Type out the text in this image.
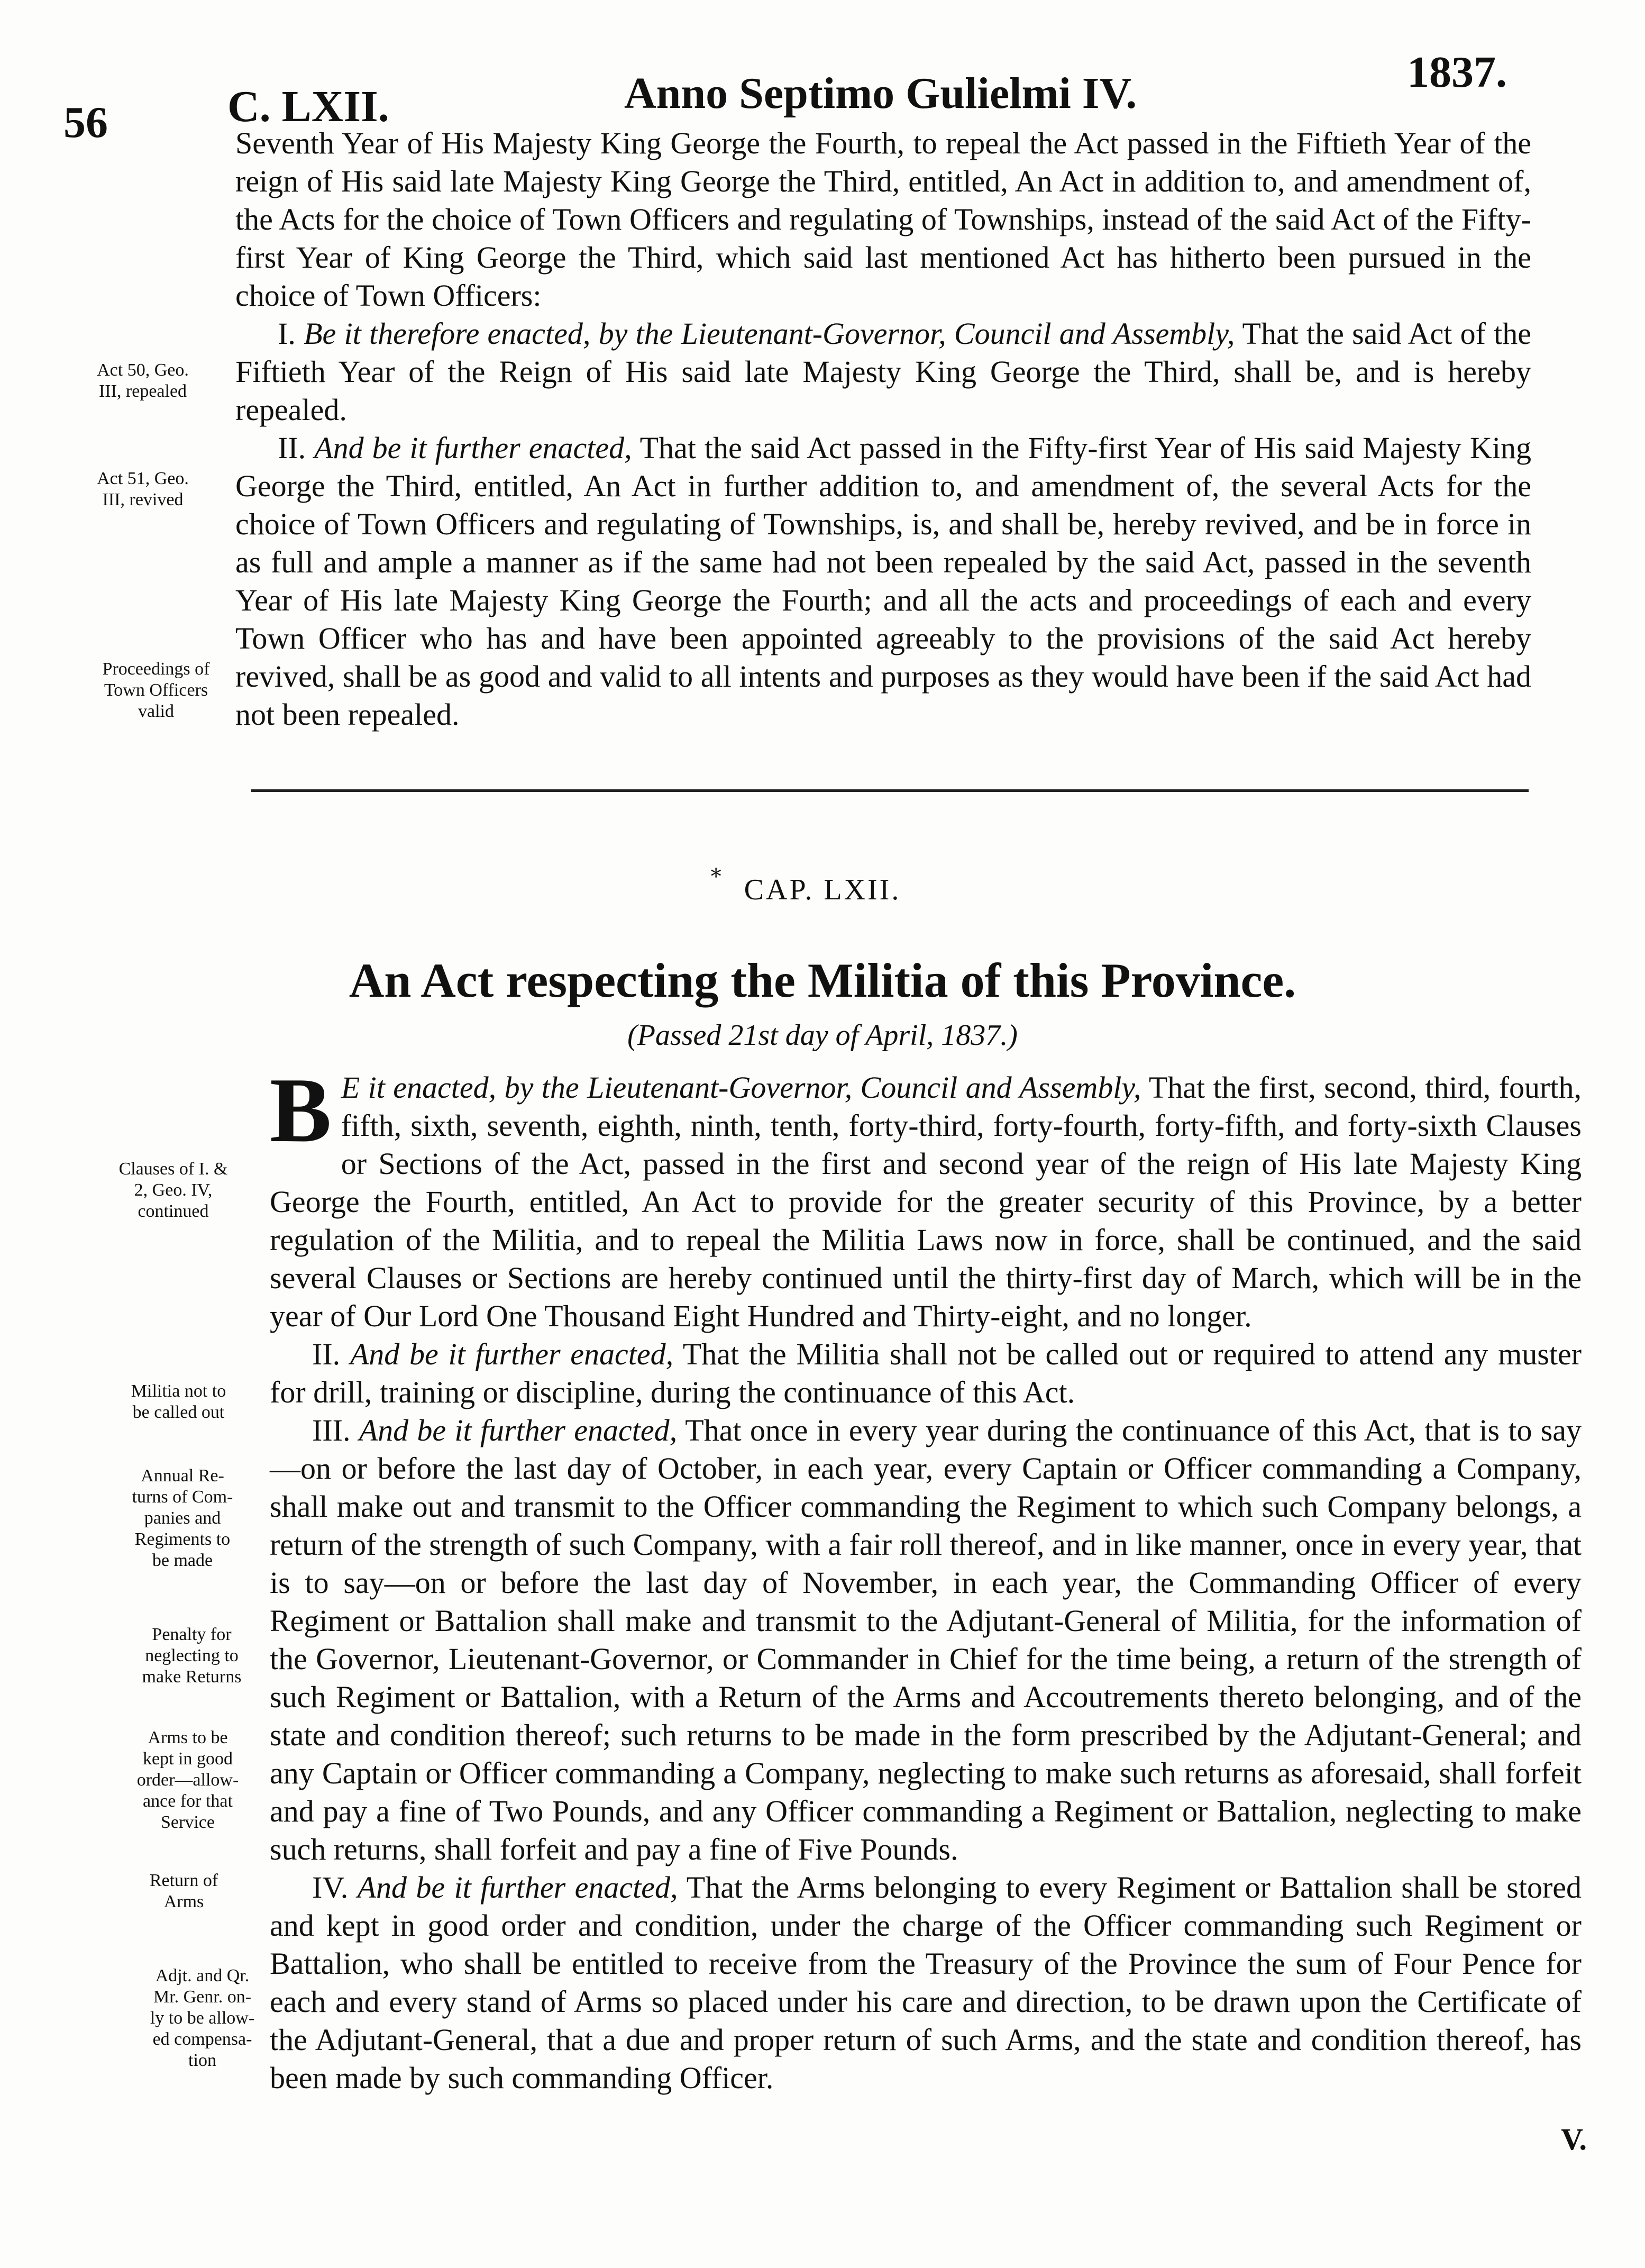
56	C. LXII.	Anno Septimo Gulielmi IV.	1837.

Seventh Year of His Majesty King George the Fourth, to repeal the Act passed in the Fiftieth Year of the reign of His said late Majesty King George the Third, entitled, An Act in addition to, and amendment of, the Acts for the choice of Town Officers and regulating of Townships, instead of the said Act of the Fifty-first Year of King George the Third, which said last mentioned Act has hitherto been pursued in the choice of Town Officers:

I. Be it therefore enacted, by the Lieutenant-Governor, Council and Assembly, That the said Act of the Fiftieth Year of the Reign of His said late Majesty King George the Third, shall be, and is hereby repealed.

II. And be it further enacted, That the said Act passed in the Fifty-first Year of His said Majesty King George the Third, entitled, An Act in further addition to, and amendment of, the several Acts for the choice of Town Officers and regulating of Townships, is, and shall be, hereby revived, and be in force in as full and ample a manner as if the same had not been repealed by the said Act, passed in the seventh Year of His late Majesty King George the Fourth; and all the acts and proceedings of each and every Town Officer who has and have been appointed agreeably to the provisions of the said Act hereby revived, shall be as good and valid to all intents and purposes as they would have been if the said Act had not been repealed.

Act 50, Geo.
III, repealed
Act 51, Geo.
III, revived
Proceedings of
Town Officers
valid
∗
CAP. LXII.
An Act respecting the Militia of this Province.
(Passed 21st day of April, 1837.)

B E it enacted, by the Lieutenant-Governor, Council and Assembly, That the first, second, third, fourth, fifth, sixth, seventh, eighth, ninth, tenth, forty-third, forty-fourth, forty-fifth, and forty-sixth Clauses or Sections of the Act, passed in the first and second year of the reign of His late Majesty King George the Fourth, entitled, An Act to provide for the greater security of this Province, by a better regulation of the Militia, and to repeal the Militia Laws now in force, shall be continued, and the said several Clauses or Sections are hereby continued until the thirty-first day of March, which will be in the year of Our Lord One Thousand Eight Hundred and Thirty-eight, and no longer.

II. And be it further enacted, That the Militia shall not be called out or required to attend any muster for drill, training or discipline, during the continuance of this Act.

III. And be it further enacted, That once in every year during the continuance of this Act, that is to say—on or before the last day of October, in each year, every Captain or Officer commanding a Company, shall make out and transmit to the Officer commanding the Regiment to which such Company belongs, a return of the strength of such Company, with a fair roll thereof, and in like manner, once in every year, that is to say—on or before the last day of November, in each year, the Commanding Officer of every Regiment or Battalion shall make and transmit to the Adjutant-General of Militia, for the information of the Governor, Lieutenant-Governor, or Commander in Chief for the time being, a return of the strength of such Regiment or Battalion, with a Return of the Arms and Accoutrements thereto belonging, and of the state and condition thereof; such returns to be made in the form prescribed by the Adjutant-General; and any Captain or Officer commanding a Company, neglecting to make such returns as aforesaid, shall forfeit and pay a fine of Two Pounds, and any Officer commanding a Regiment or Battalion, neglecting to make such returns, shall forfeit and pay a fine of Five Pounds.

IV. And be it further enacted, That the Arms belonging to every Regiment or Battalion shall be stored and kept in good order and condition, under the charge of the Officer commanding such Regiment or Battalion, who shall be entitled to receive from the Treasury of the Province the sum of Four Pence for each and every stand of Arms so placed under his care and direction, to be drawn upon the Certificate of the Adjutant-General, that a due and proper return of such Arms, and the state and condition thereof, has been made by such commanding Officer.

Clauses of I. &
2, Geo. IV,
continued
Militia not to
be called out
Annual Re-
turns of Com-
panies and
Regiments to
be made
Penalty for
neglecting to
make Returns
Arms to be
kept in good
order—allow-
ance for that
Service
Return of
Arms
Adjt. and Qr.
Mr. Genr. on-
ly to be allow-
ed compensa-
tion
V.
